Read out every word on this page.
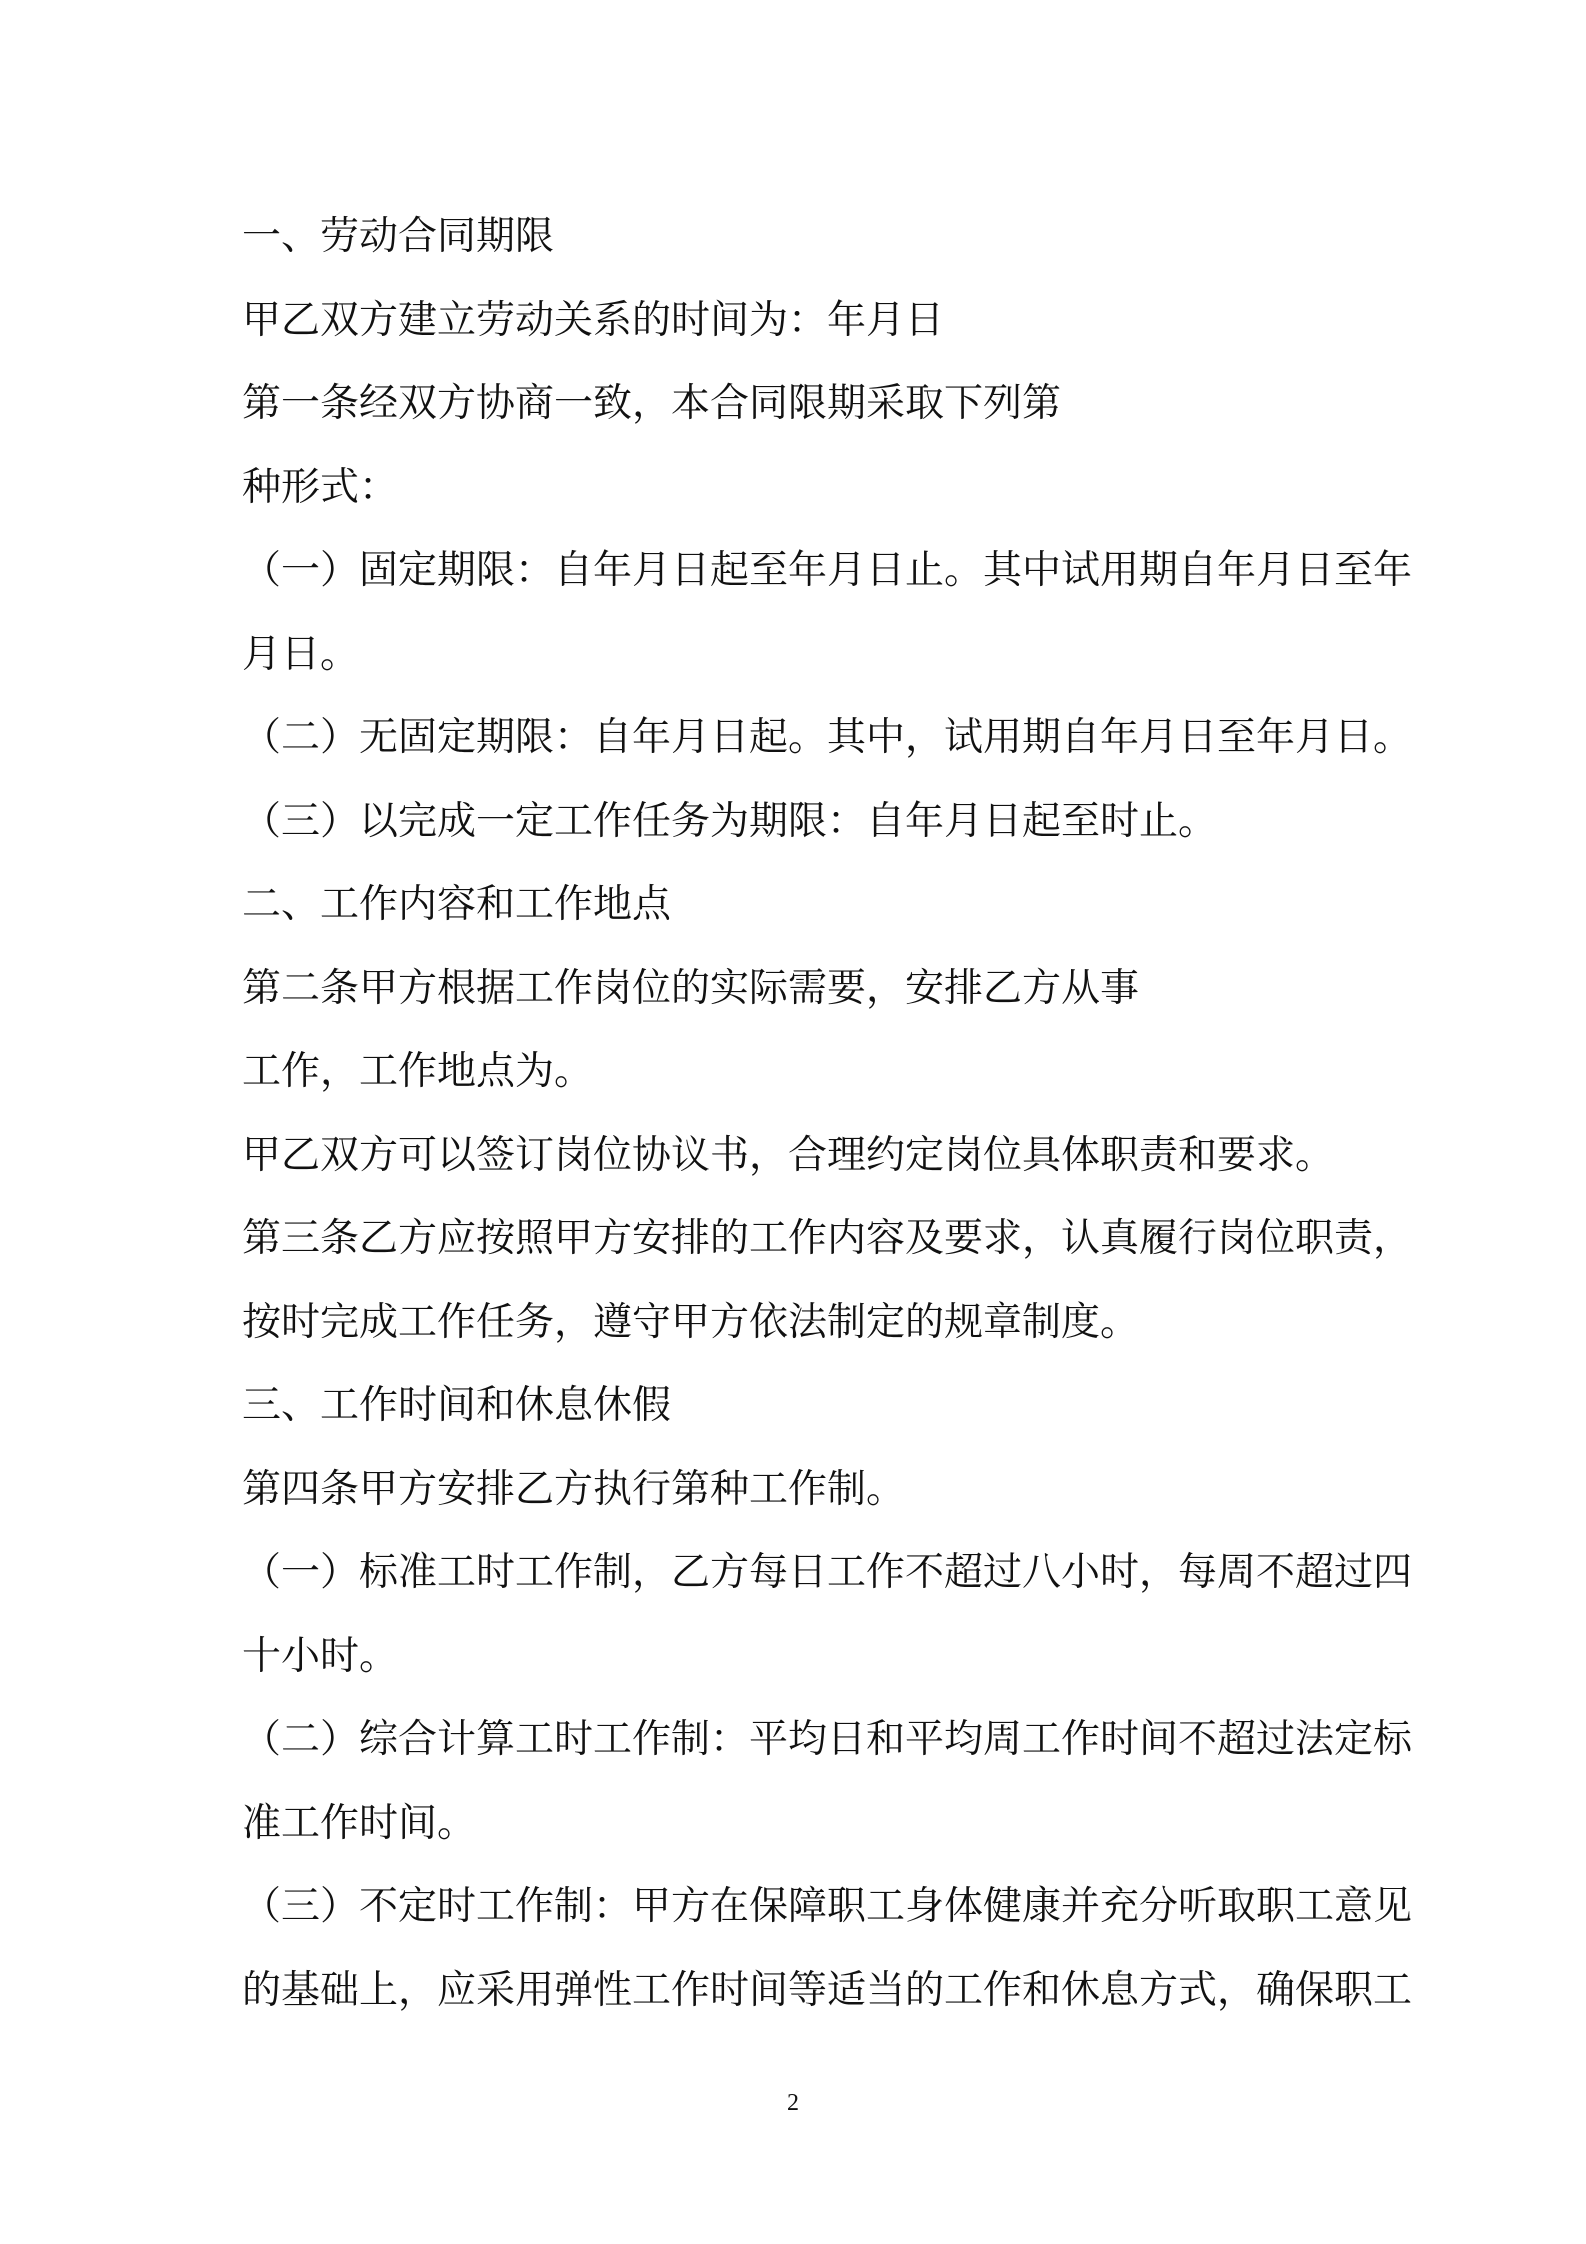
一、劳动合同期限
甲乙双方建立劳动关系的时间为：年月日
第一条经双方协商一致，本合同限期采取下列第
种形式：
（一）固定期限：自年月日起至年月日止。其中试用期自年月日至年
月日。
（二）无固定期限：自年月日起。其中，试用期自年月日至年月日。
（三）以完成一定工作任务为期限：自年月日起至时止。
二、工作内容和工作地点
第二条甲方根据工作岗位的实际需要，安排乙方从事
工作，工作地点为。
甲乙双方可以签订岗位协议书，合理约定岗位具体职责和要求。
第三条乙方应按照甲方安排的工作内容及要求，认真履行岗位职责，
按时完成工作任务，遵守甲方依法制定的规章制度。
三、工作时间和休息休假
第四条甲方安排乙方执行第种工作制。
（一）标准工时工作制，乙方每日工作不超过八小时，每周不超过四
十小时。
（二）综合计算工时工作制：平均日和平均周工作时间不超过法定标
准工作时间。
（三）不定时工作制：甲方在保障职工身体健康并充分听取职工意见
的基础上，应采用弹性工作时间等适当的工作和休息方式，确保职工
2
